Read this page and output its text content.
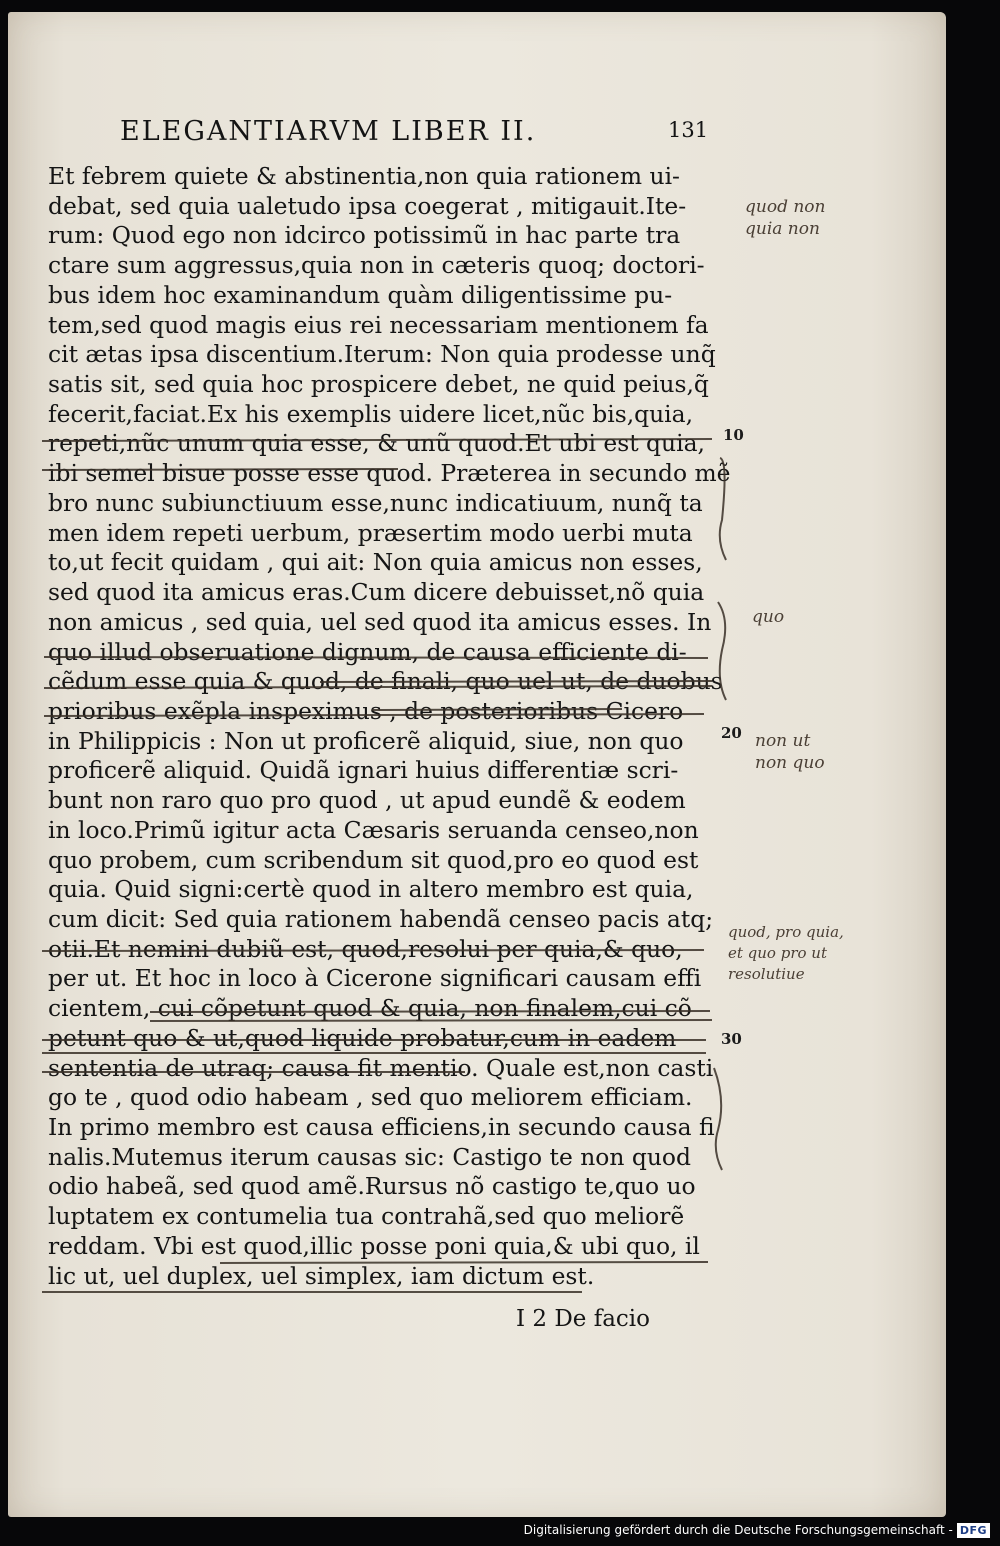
ELEGANTIARVM LIBER II.	131
Et febrem quiete & abstinentia,non quia rationem ui-
debat, sed quia ualetudo ipsa coegerat , mitigauit.Ite-
rum: Quod ego non idcirco potissimũ in hac parte tra
ctare sum aggressus,quia non in cæteris quoq; doctori-
bus idem hoc examinandum quàm diligentissime pu-
tem,sed quod magis eius rei necessariam mentionem fa
cit ætas ipsa discentium.Iterum: Non quia prodesse unq̃
satis sit, sed quia hoc prospicere debet, ne quid peius,q̃
fecerit,faciat.Ex his exemplis uidere licet,nũc bis,quia,
repeti,nũc unum quia esse, & unũ quod.Et ubi est quia,
ibi semel bisue posse esse quod. Præterea in secundo mẽ
bro nunc subiunctiuum esse,nunc indicatiuum, nunq̃ ta
men idem repeti uerbum, præsertim modo uerbi muta
to,ut fecit quidam , qui ait: Non quia amicus non esses,
sed quod ita amicus eras.Cum dicere debuisset,nõ quia
non amicus , sed quia, uel sed quod ita amicus esses. In
quo illud obseruatione dignum, de causa efficiente di-
cẽdum esse quia & quod, de finali, quo uel ut, de duobus
prioribus exẽpla inspeximus , de posterioribus Cicero
in Philippicis : Non ut proficerẽ aliquid, siue, non quo
proficerẽ aliquid. Quidã ignari huius differentiæ scri-
bunt non raro quo pro quod , ut apud eundẽ & eodem
in loco.Primũ igitur acta Cæsaris seruanda censeo,non
quo probem, cum scribendum sit quod,pro eo quod est
quia. Quid signi:certè quod in altero membro est quia,
cum dicit: Sed quia rationem habendã censeo pacis atq;
otii.Et nemini dubiũ est, quod,resolui per quia,& quo,
per ut. Et hoc in loco à Cicerone significari causam effi
cientem, cui cõpetunt quod & quia, non finalem,cui cõ
petunt quo & ut,quod liquide probatur,cum in eadem
sententia de utraq; causa fit mentio. Quale est,non casti
go te , quod odio habeam , sed quo meliorem efficiam.
In primo membro est causa efficiens,in secundo causa fi
nalis.Mutemus iterum causas sic: Castigo te non quod
odio habeã, sed quod amẽ.Rursus nõ castigo te,quo uo
luptatem ex contumelia tua contrahã,sed quo meliorẽ
reddam. Vbi est quod,illic posse poni quia,& ubi quo, il
lic ut, uel duplex, uel simplex, iam dictum est.
I 2 De facio
10
20
30
quod non
quia non
quo
non ut
non quo
quod, pro quia,
et quo pro ut
resolutiue
Digitalisierung gefördert durch die Deutsche Forschungsgemeinschaft - DFG
